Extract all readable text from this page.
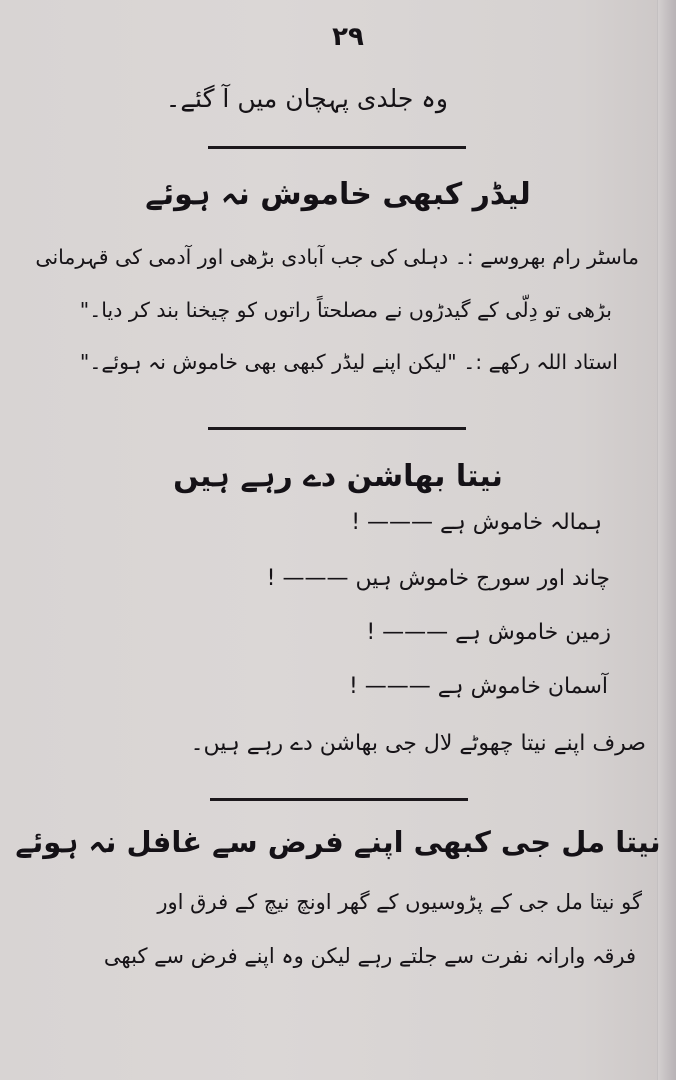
۲۹
وہ جلدی پہچان میں آ گئے۔
لیڈر کبھی خاموش نہ ہوئے
ماسٹر رام بھروسے :۔ دہلی کی جب آبادی بڑھی اور آدمی کی قہرمانی
بڑھی تو دِلّی کے گیدڑوں نے مصلحتاً راتوں کو چیخنا بند کر دیا۔"
استاد اللہ رکھے :۔ "لیکن اپنے لیڈر کبھی بھی خاموش نہ ہوئے۔"
نیتا بھاشن دے رہے ہیں
ہمالہ خاموش ہے ——— !
چاند اور سورج خاموش ہیں ——— !
زمین خاموش ہے ——— !
آسمان خاموش ہے ——— !
صرف اپنے نیتا چھوٹے لال جی بھاشن دے رہے ہیں۔
نیتا مل جی کبھی اپنے فرض سے غافل نہ ہوئے
گو نیتا مل جی کے پڑوسیوں کے گھر اونچ نیچ کے فرق اور
فرقہ وارانہ نفرت سے جلتے رہے لیکن وہ اپنے فرض سے کبھی
